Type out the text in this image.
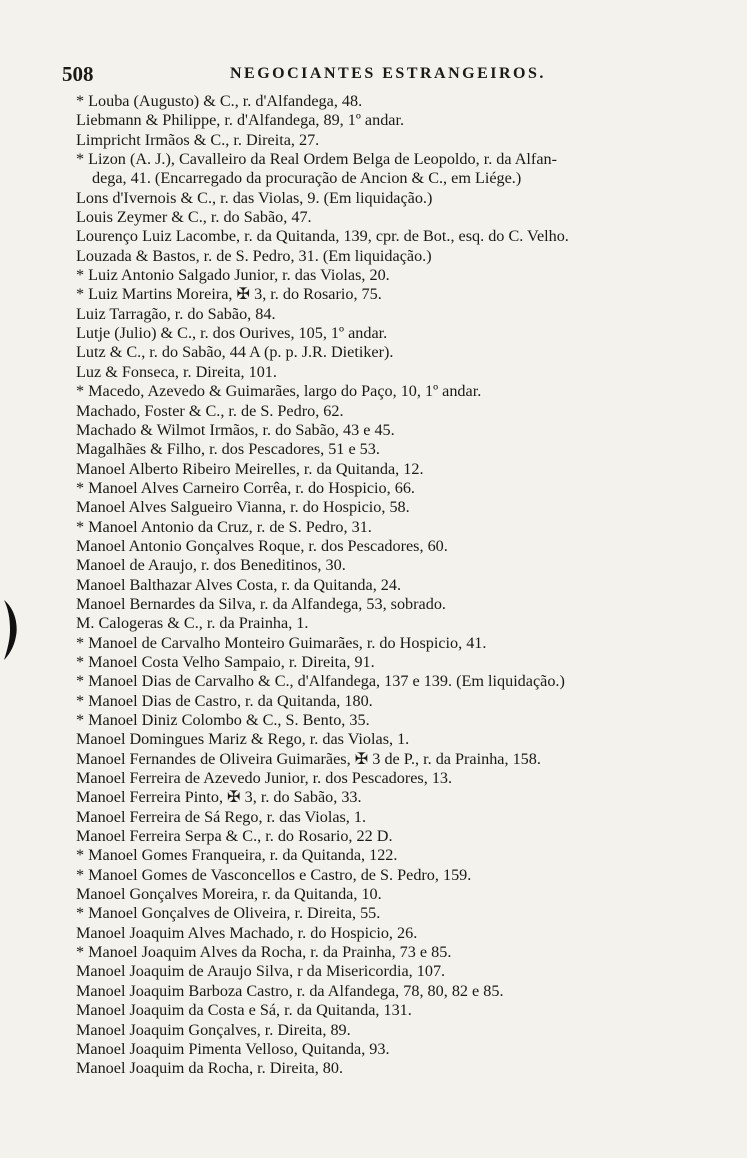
508	NEGOCIANTES ESTRANGEIROS.
* Louba (Augusto) & C., r. d'Alfandega, 48.
Liebmann & Philippe, r. d'Alfandega, 89, 1º andar.
Limpricht Irmãos & C., r. Direita, 27.
* Lizon (A. J.), Cavalleiro da Real Ordem Belga de Leopoldo, r. da Alfan-
dega, 41. (Encarregado da procuração de Ancion & C., em Liége.)
Lons d'Ivernois & C., r. das Violas, 9. (Em liquidação.)
Louis Zeymer & C., r. do Sabão, 47.
Lourenço Luiz Lacombe, r. da Quitanda, 139, cpr. de Bot., esq. do C. Velho.
Louzada & Bastos, r. de S. Pedro, 31. (Em liquidação.)
* Luiz Antonio Salgado Junior, r. das Violas, 20.
* Luiz Martins Moreira, ✠ 3, r. do Rosario, 75.
Luiz Tarragão, r. do Sabão, 84.
Lutje (Julio) & C., r. dos Ourives, 105, 1º andar.
Lutz & C., r. do Sabão, 44 A (p. p. J.R. Dietiker).
Luz & Fonseca, r. Direita, 101.
* Macedo, Azevedo & Guimarães, largo do Paço, 10, 1º andar.
Machado, Foster & C., r. de S. Pedro, 62.
Machado & Wilmot Irmãos, r. do Sabão, 43 e 45.
Magalhães & Filho, r. dos Pescadores, 51 e 53.
Manoel Alberto Ribeiro Meirelles, r. da Quitanda, 12.
* Manoel Alves Carneiro Corrêa, r. do Hospicio, 66.
Manoel Alves Salgueiro Vianna, r. do Hospicio, 58.
* Manoel Antonio da Cruz, r. de S. Pedro, 31.
Manoel Antonio Gonçalves Roque, r. dos Pescadores, 60.
Manoel de Araujo, r. dos Beneditinos, 30.
Manoel Balthazar Alves Costa, r. da Quitanda, 24.
Manoel Bernardes da Silva, r. da Alfandega, 53, sobrado.
M. Calogeras & C., r. da Prainha, 1.
* Manoel de Carvalho Monteiro Guimarães, r. do Hospicio, 41.
* Manoel Costa Velho Sampaio, r. Direita, 91.
* Manoel Dias de Carvalho & C., d'Alfandega, 137 e 139. (Em liquidação.)
* Manoel Dias de Castro, r. da Quitanda, 180.
* Manoel Diniz Colombo & C., S. Bento, 35.
Manoel Domingues Mariz & Rego, r. das Violas, 1.
Manoel Fernandes de Oliveira Guimarães, ✠ 3 de P., r. da Prainha, 158.
Manoel Ferreira de Azevedo Junior, r. dos Pescadores, 13.
Manoel Ferreira Pinto, ✠ 3, r. do Sabão, 33.
Manoel Ferreira de Sá Rego, r. das Violas, 1.
Manoel Ferreira Serpa & C., r. do Rosario, 22 D.
* Manoel Gomes Franqueira, r. da Quitanda, 122.
* Manoel Gomes de Vasconcellos e Castro, de S. Pedro, 159.
Manoel Gonçalves Moreira, r. da Quitanda, 10.
* Manoel Gonçalves de Oliveira, r. Direita, 55.
Manoel Joaquim Alves Machado, r. do Hospicio, 26.
* Manoel Joaquim Alves da Rocha, r. da Prainha, 73 e 85.
Manoel Joaquim de Araujo Silva, r da Misericordia, 107.
Manoel Joaquim Barboza Castro, r. da Alfandega, 78, 80, 82 e 85.
Manoel Joaquim da Costa e Sá, r. da Quitanda, 131.
Manoel Joaquim Gonçalves, r. Direita, 89.
Manoel Joaquim Pimenta Velloso, Quitanda, 93.
Manoel Joaquim da Rocha, r. Direita, 80.
